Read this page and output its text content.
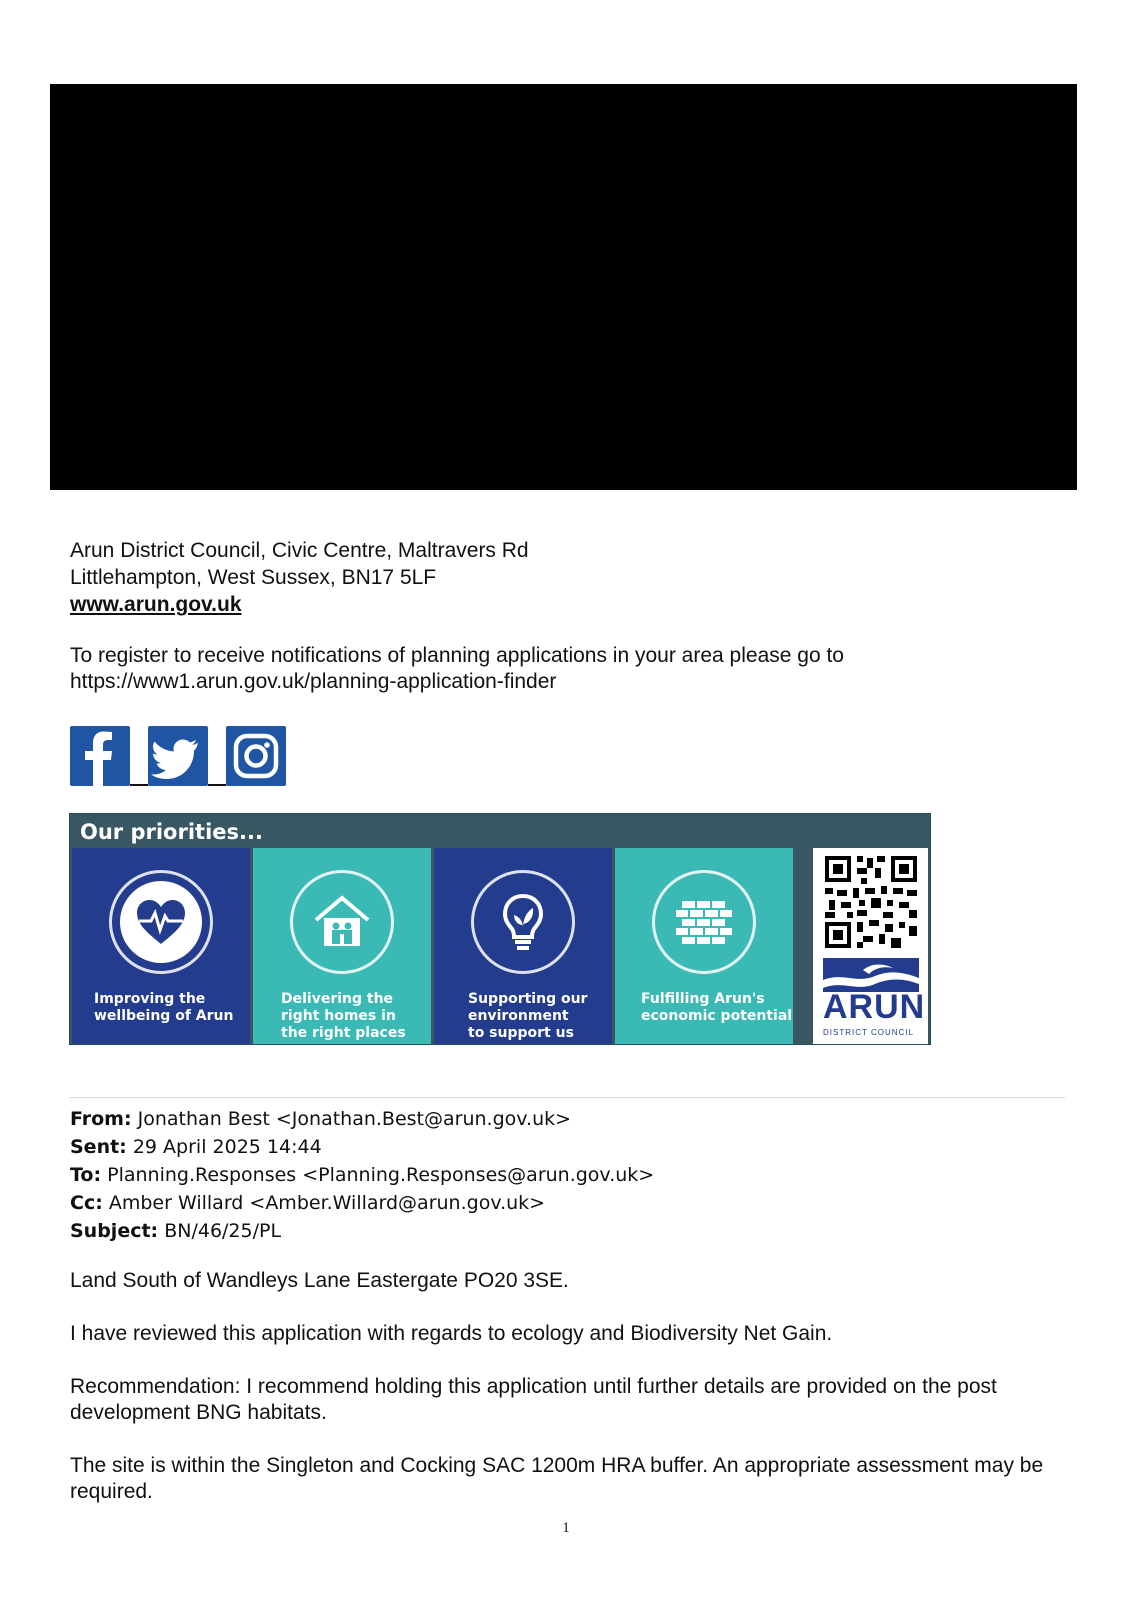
Arun District Council, Civic Centre, Maltravers Rd
Littlehampton, West Sussex, BN17 5LF
www.arun.gov.uk
To register to receive notifications of planning applications in your area please go to
https://www1.arun.gov.uk/planning-application-finder
Our priorities...
Improving the
wellbeing of Arun
Delivering the
right homes in
the right places
Supporting our
environment
to support us
Fulfilling Arun's
economic potential ARUN
DISTRICT COUNCIL
From: Jonathan Best <Jonathan.Best@arun.gov.uk>
Sent: 29 April 2025 14:44
To: Planning.Responses <Planning.Responses@arun.gov.uk>
Cc: Amber Willard <Amber.Willard@arun.gov.uk>
Subject: BN/46/25/PL
Land South of Wandleys Lane Eastergate PO20 3SE.
I have reviewed this application with regards to ecology and Biodiversity Net Gain.
Recommendation: I recommend holding this application until further details are provided on the post development BNG habitats.
The site is within the Singleton and Cocking SAC 1200m HRA buffer. An appropriate assessment may be required.
1
